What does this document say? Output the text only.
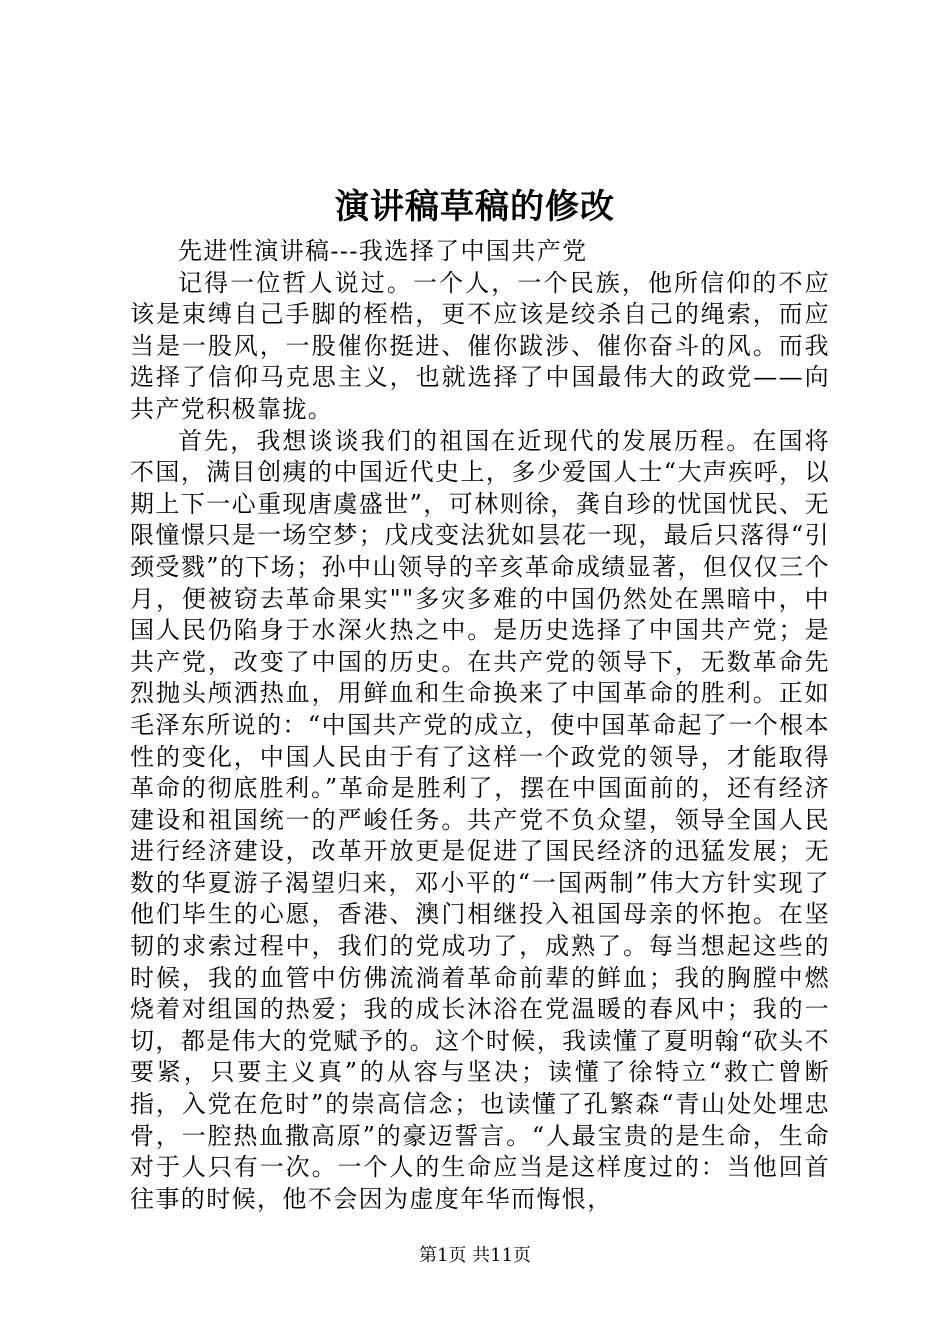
演讲稿草稿的修改

先进性演讲稿---我选择了中国共产党

记得一位哲人说过。一个人，一个民族，他所信仰的不应该是束缚自己手脚的桎梏，更不应该是绞杀自己的绳索，而应当是一股风，一股催你挺进、催你跋涉、催你奋斗的风。而我选择了信仰马克思主义，也就选择了中国最伟大的政党——向共产党积极靠拢。

首先，我想谈谈我们的祖国在近现代的发展历程。在国将不国，满目创痍的中国近代史上，多少爱国人士“大声疾呼，以期上下一心重现唐虞盛世”，可林则徐，龚自珍的忧国忧民、无限憧憬只是一场空梦；戊戌变法犹如昙花一现，最后只落得“引颈受戮”的下场；孙中山领导的辛亥革命成绩显著，但仅仅三个月，便被窃去革命果实""多灾多难的中国仍然处在黑暗中，中国人民仍陷身于水深火热之中。是历史选择了中国共产党；是共产党，改变了中国的历史。在共产党的领导下，无数革命先烈抛头颅洒热血，用鲜血和生命换来了中国革命的胜利。正如毛泽东所说的：“中国共产党的成立，使中国革命起了一个根本性的变化，中国人民由于有了这样一个政党的领导，才能取得革命的彻底胜利。”革命是胜利了，摆在中国面前的，还有经济建设和祖国统一的严峻任务。共产党不负众望，领导全国人民进行经济建设，改革开放更是促进了国民经济的迅猛发展；无数的华夏游子渴望归来，邓小平的“一国两制”伟大方针实现了他们毕生的心愿，香港、澳门相继投入祖国母亲的怀抱。在坚韧的求索过程中，我们的党成功了，成熟了。每当想起这些的时候，我的血管中仿佛流淌着革命前辈的鲜血；我的胸膛中燃烧着对组国的热爱；我的成长沐浴在党温暖的春风中；我的一切，都是伟大的党赋予的。这个时候，我读懂了夏明翰“砍头不要紧，只要主义真”的从容与坚决；读懂了徐特立“救亡曾断指，入党在危时”的崇高信念；也读懂了孔繁森“青山处处埋忠骨，一腔热血撒高原”的豪迈誓言。“人最宝贵的是生命，生命对于人只有一次。一个人的生命应当是这样度过的：当他回首往事的时候，他不会因为虚度年华而悔恨，

第1页 共11页
